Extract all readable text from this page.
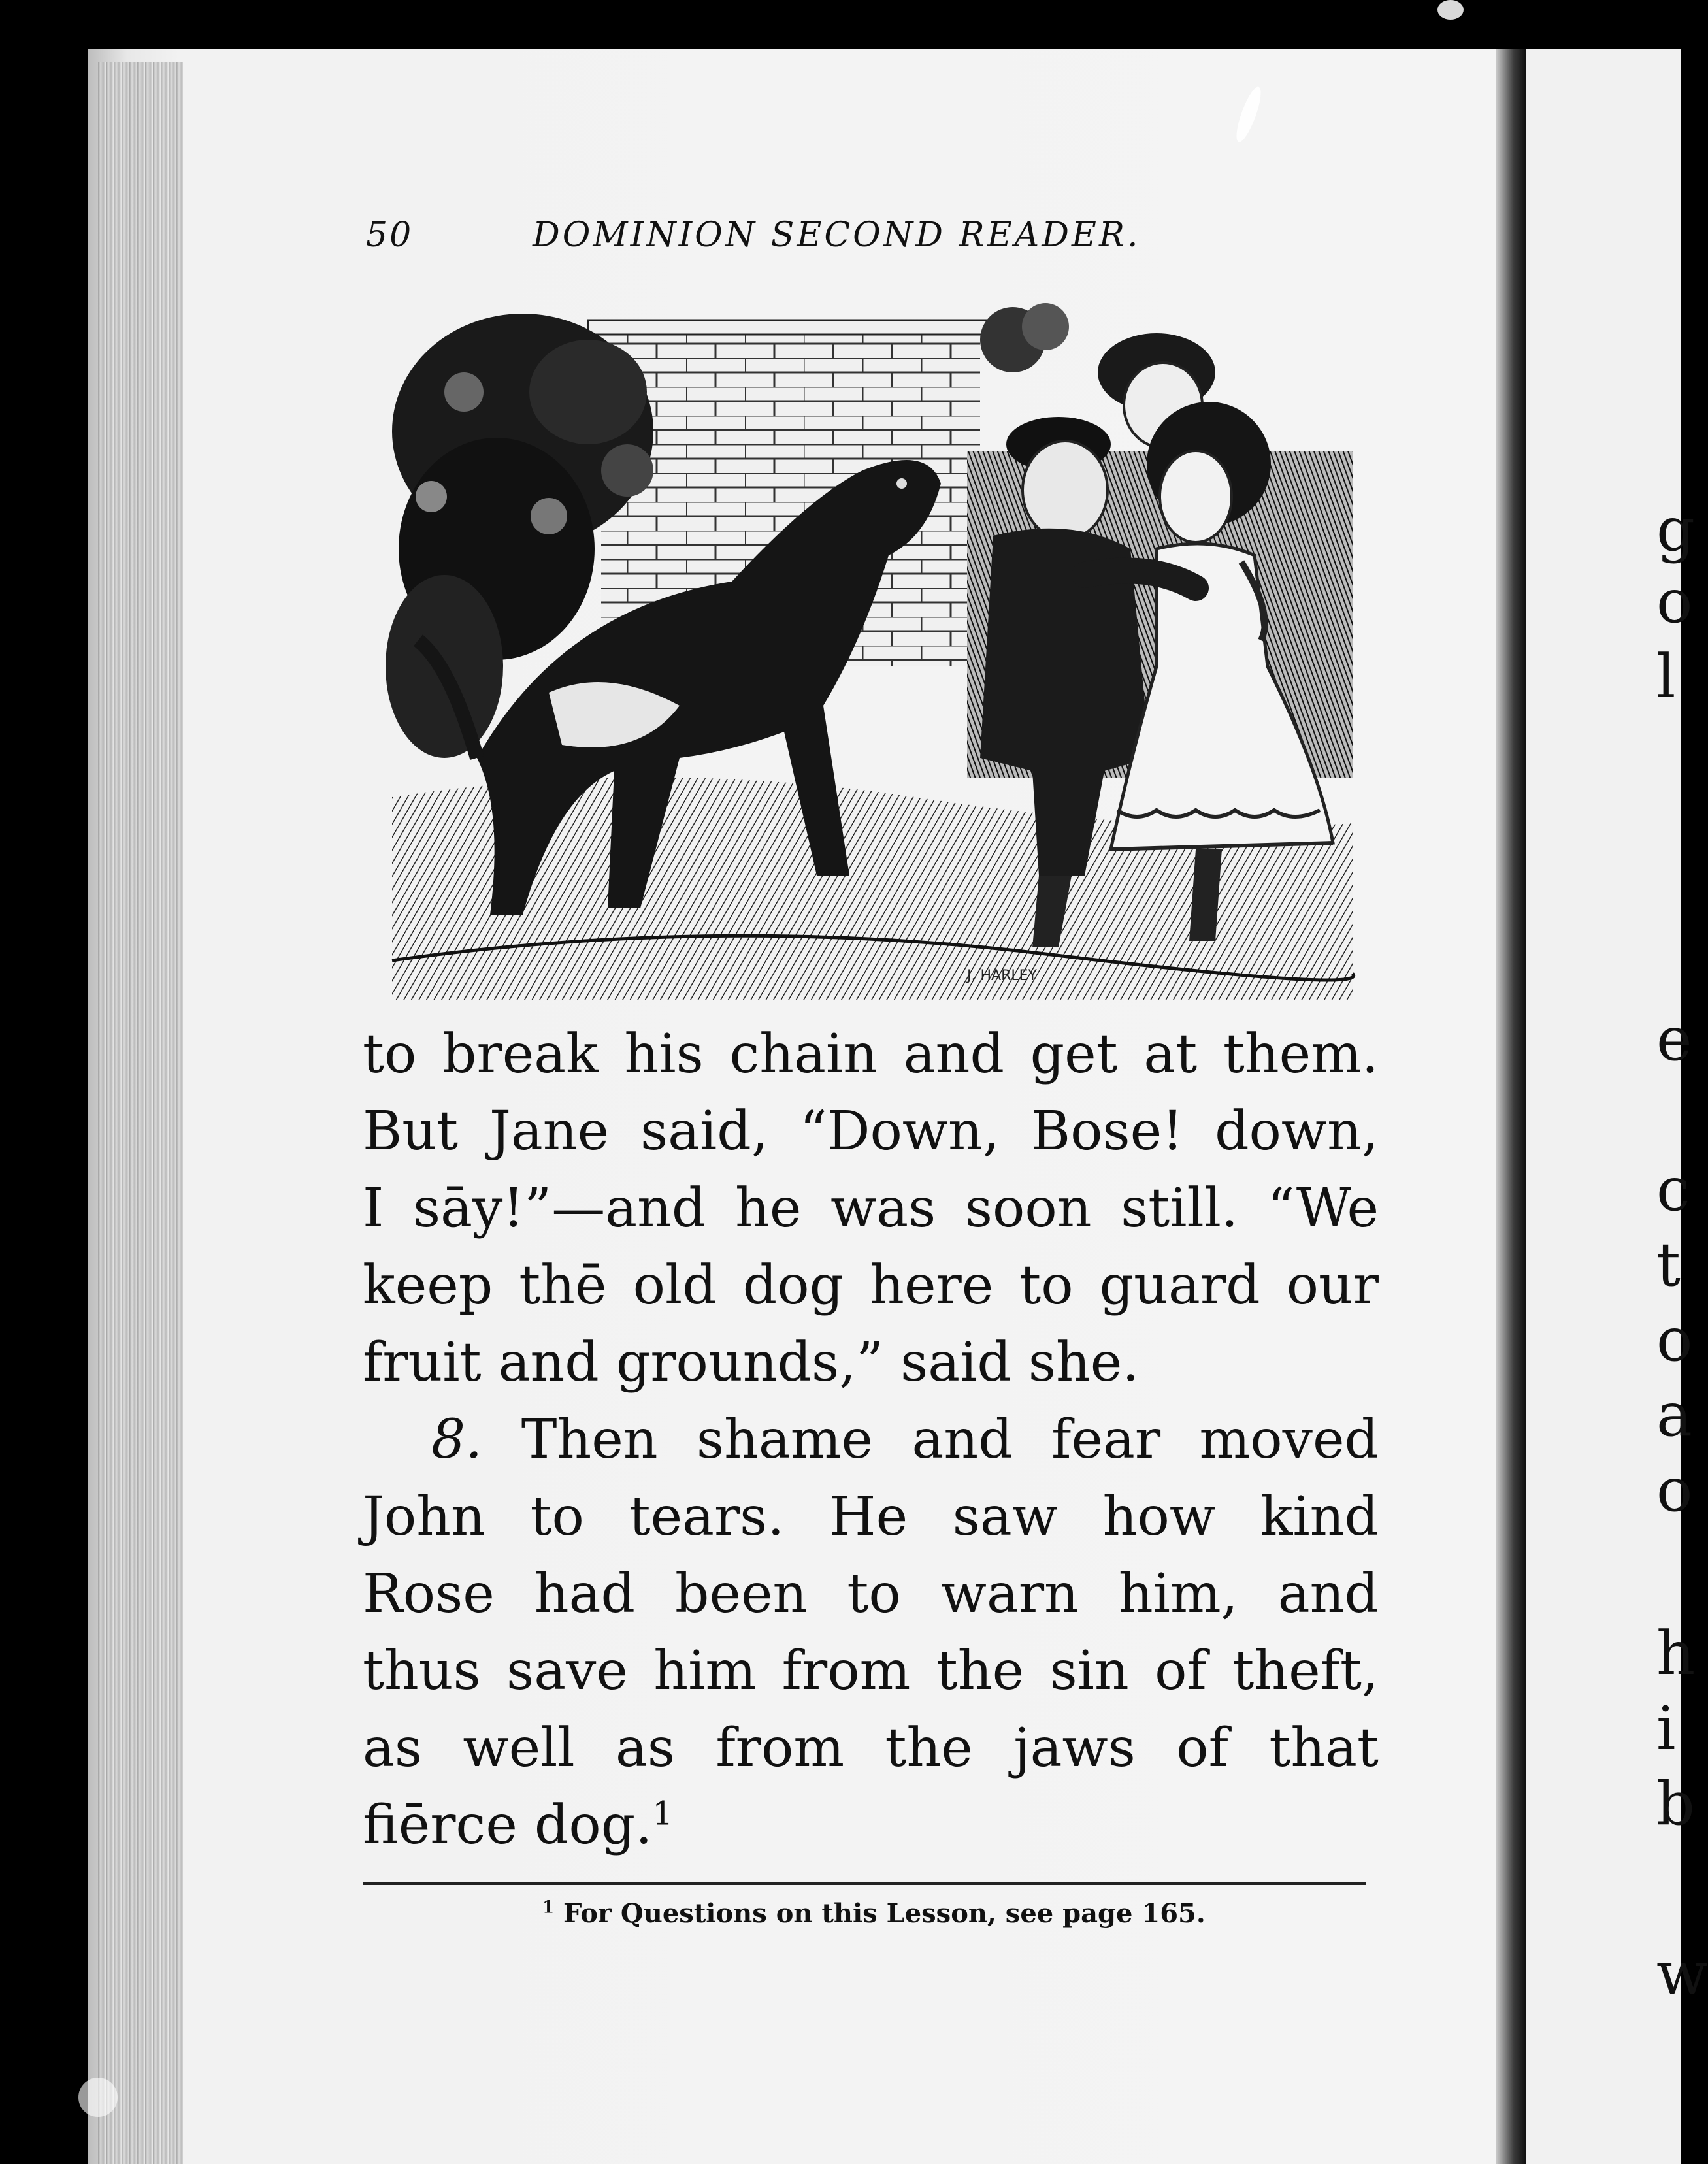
g
o
l
e
c
t
o
a
o
h
i
b
w
50	DOMINION SECOND READER.
J. HARLEY
to break his chain and get at them.
But Jane said, “Down, Bose! down,
I sāy!”—and he was soon still. “We
keep thē old dog here to guard our
fruit and grounds,” said she.
8. Then shame and fear moved
John to tears. He saw how kind
Rose had been to warn him, and
thus save him from the sin of theft,
as well as from the jaws of that
fiērce dog.$^1$
$^1$ For Questions on this Lesson, see page 165.
